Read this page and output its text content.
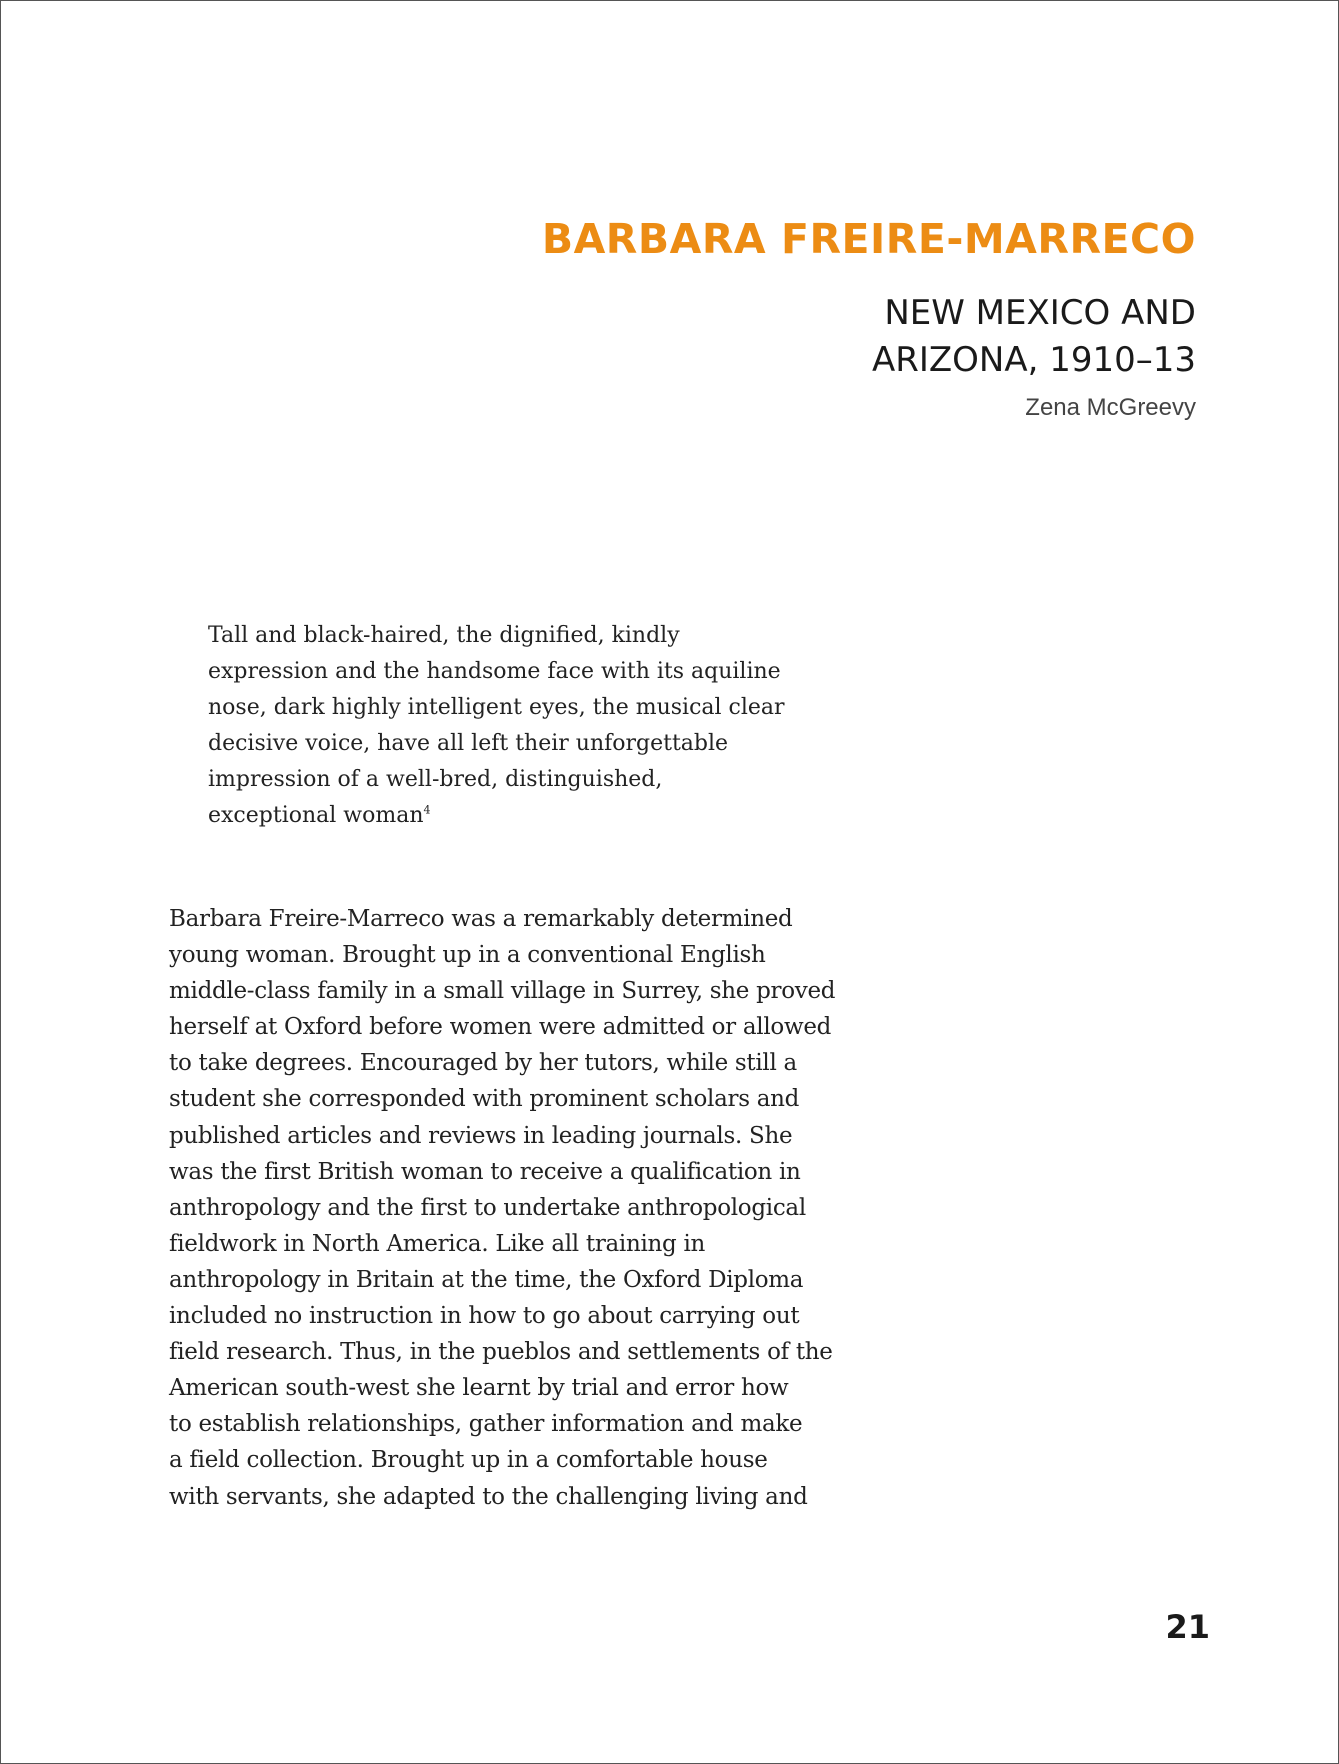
BARBARA FREIRE-MARRECO
NEW MEXICO AND
ARIZONA, 1910–13
Zena McGreevy
Tall and black-haired, the dignified, kindly
expression and the handsome face with its aquiline
nose, dark highly intelligent eyes, the musical clear
decisive voice, have all left their unforgettable
impression of a well-bred, distinguished,
exceptional woman$^4$
Barbara Freire-Marreco was a remarkably determined
young woman. Brought up in a conventional English
middle-class family in a small village in Surrey, she proved
herself at Oxford before women were admitted or allowed
to take degrees. Encouraged by her tutors, while still a
student she corresponded with prominent scholars and
published articles and reviews in leading journals. She
was the first British woman to receive a qualification in
anthropology and the first to undertake anthropological
fieldwork in North America. Like all training in
anthropology in Britain at the time, the Oxford Diploma
included no instruction in how to go about carrying out
field research. Thus, in the pueblos and settlements of the
American south-west she learnt by trial and error how
to establish relationships, gather information and make
a field collection. Brought up in a comfortable house
with servants, she adapted to the challenging living and
21
